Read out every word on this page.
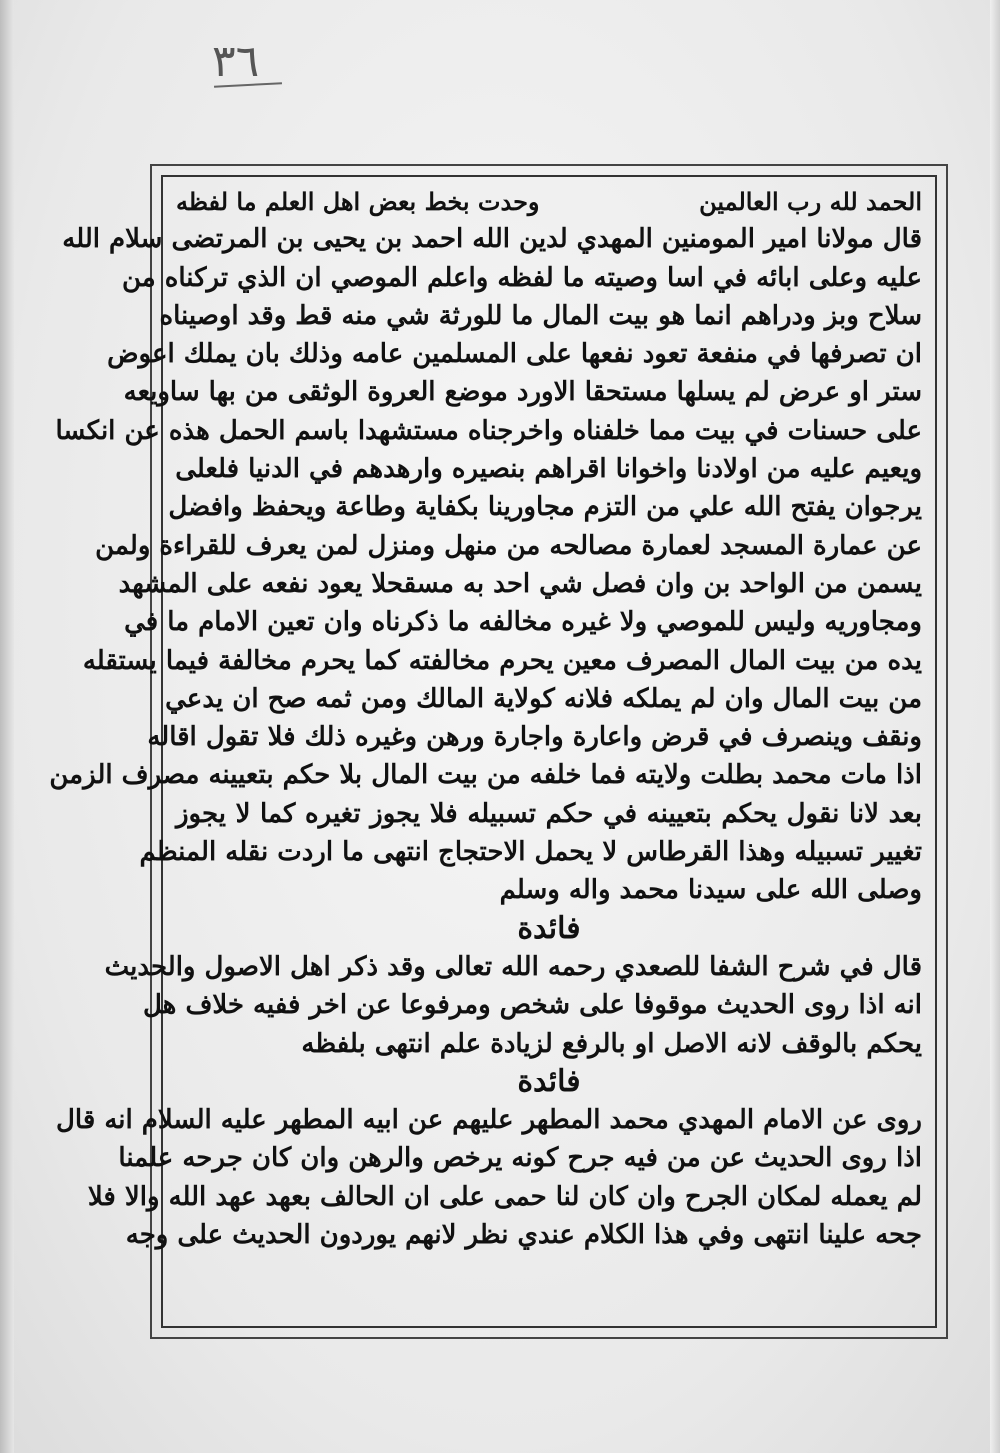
٣٦
الحمد لله رب العالمين
وحدت بخط بعض اهل العلم ما لفظه
قال مولانا امير المومنين المهدي لدين الله احمد بن يحيى بن المرتضى سلام الله
عليه وعلى ابائه في اسا وصيته ما لفظه واعلم الموصي ان الذي تركناه من
سلاح وبز ودراهم انما هو بيت المال ما للورثة شي منه قط وقد اوصيناه
ان تصرفها في منفعة تعود نفعها على المسلمين عامه وذلك بان يملك اعوض
ستر او عرض لم يسلها مستحقا الاورد موضع العروة الوثقى من بها ساويعه
على حسنات في بيت مما خلفناه واخرجناه مستشهدا باسم الحمل هذه عن انكسا
ويعيم عليه من اولادنا واخوانا اقراهم بنصيره وارهدهم في الدنيا فلعلى
يرجوان يفتح الله علي من التزم مجاورينا بكفاية وطاعة ويحفظ وافضل
عن عمارة المسجد لعمارة مصالحه من منهل ومنزل لمن يعرف للقراءة ولمن
يسمن من الواحد بن وان فصل شي احد به مسقحلا يعود نفعه على المشهد
ومجاوريه وليس للموصي ولا غيره مخالفه ما ذكرناه وان تعين الامام ما في
يده من بيت المال المصرف معين يحرم مخالفته كما يحرم مخالفة فيما يستقله
من بيت المال وان لم يملكه فلانه كولاية المالك ومن ثمه صح ان يدعي
ونقف وينصرف في قرض واعارة واجارة ورهن وغيره ذلك فلا تقول اقاله
اذا مات محمد بطلت ولايته فما خلفه من بيت المال بلا حكم بتعيينه مصرف الزمن
بعد لانا نقول يحكم بتعيينه في حكم تسبيله فلا يجوز تغيره كما لا يجوز
تغيير تسبيله وهذا القرطاس لا يحمل الاحتجاج انتهى ما اردت نقله المنظم
وصلى الله على سيدنا محمد واله وسلم
فائدة
قال في شرح الشفا للصعدي رحمه الله تعالى وقد ذكر اهل الاصول والحديث
انه اذا روى الحديث موقوفا على شخص ومرفوعا عن اخر ففيه خلاف هل
يحكم بالوقف لانه الاصل او بالرفع لزيادة علم انتهى بلفظه
فائدة
روى عن الامام المهدي محمد المطهر عليهم عن ابيه المطهر عليه السلام انه قال
اذا روى الحديث عن من فيه جرح كونه يرخص والرهن وان كان جرحه علمنا
لم يعمله لمكان الجرح وان كان لنا حمى على ان الحالف بعهد عهد الله والا فلا
جحه علينا انتهى وفي هذا الكلام عندي نظر لانهم يوردون الحديث على وجه
